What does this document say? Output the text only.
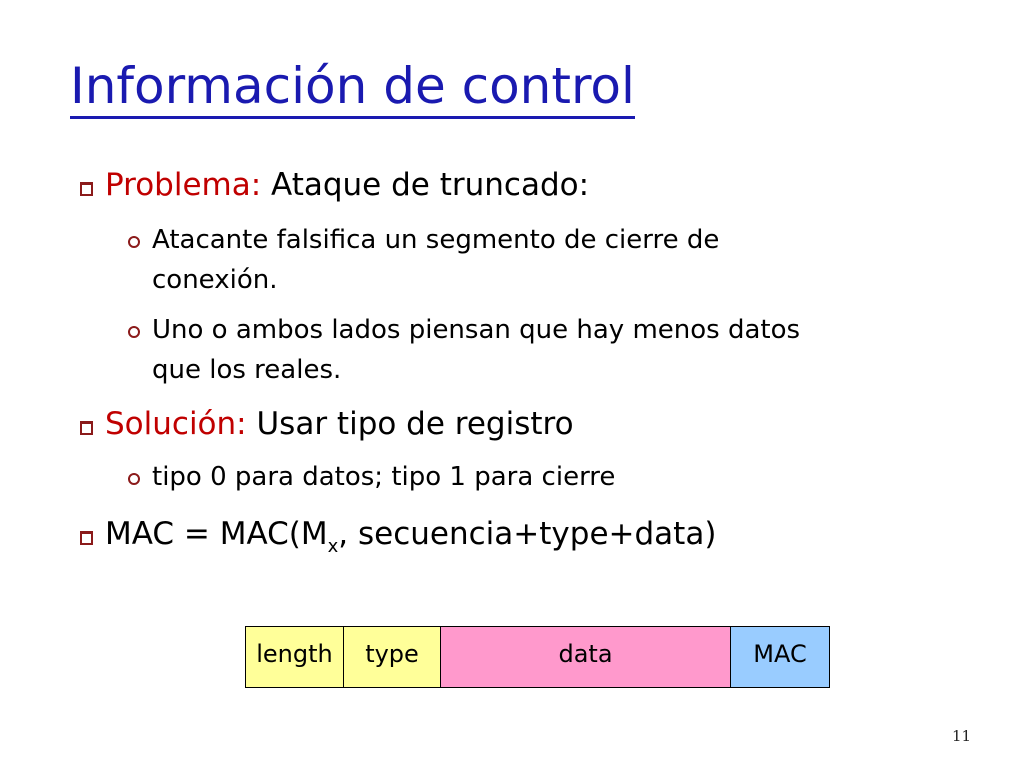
Información de control
Problema: Ataque de truncado:
Atacante falsifica un segmento de cierre de
conexión.
Uno o ambos lados piensan que hay menos datos
que los reales.
Solución: Usar tipo de registro
tipo 0 para datos; tipo 1 para cierre
MAC = $MAC(M_x$, secuencia+type+data)
length	type	data	MAC
11
